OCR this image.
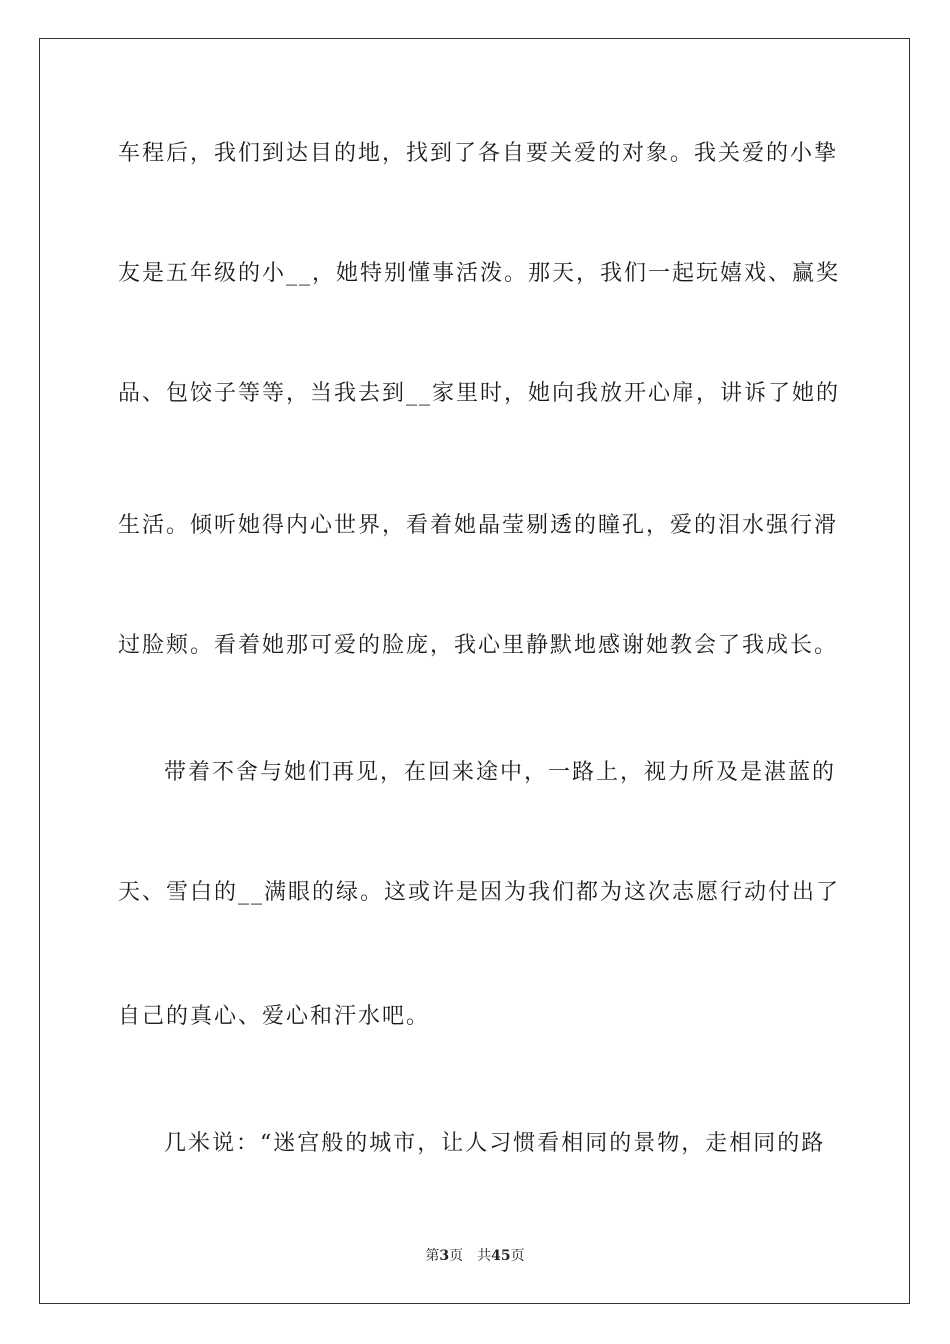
车程后，我们到达目的地，找到了各自要关爱的对象。我关爱的小挚
友是五年级的小__，她特别懂事活泼。那天，我们一起玩嬉戏、赢奖
品、包饺子等等，当我去到__家里时，她向我放开心扉，讲诉了她的
生活。倾听她得内心世界，看着她晶莹剔透的瞳孔，爱的泪水强行滑
过脸颊。看着她那可爱的脸庞，我心里静默地感谢她教会了我成长。
带着不舍与她们再见，在回来途中，一路上，视力所及是湛蓝的
天、雪白的__满眼的绿。这或许是因为我们都为这次志愿行动付出了
自己的真心、爱心和汗水吧。
几米说：“迷宫般的城市，让人习惯看相同的景物，走相同的路
第3页 共45页
